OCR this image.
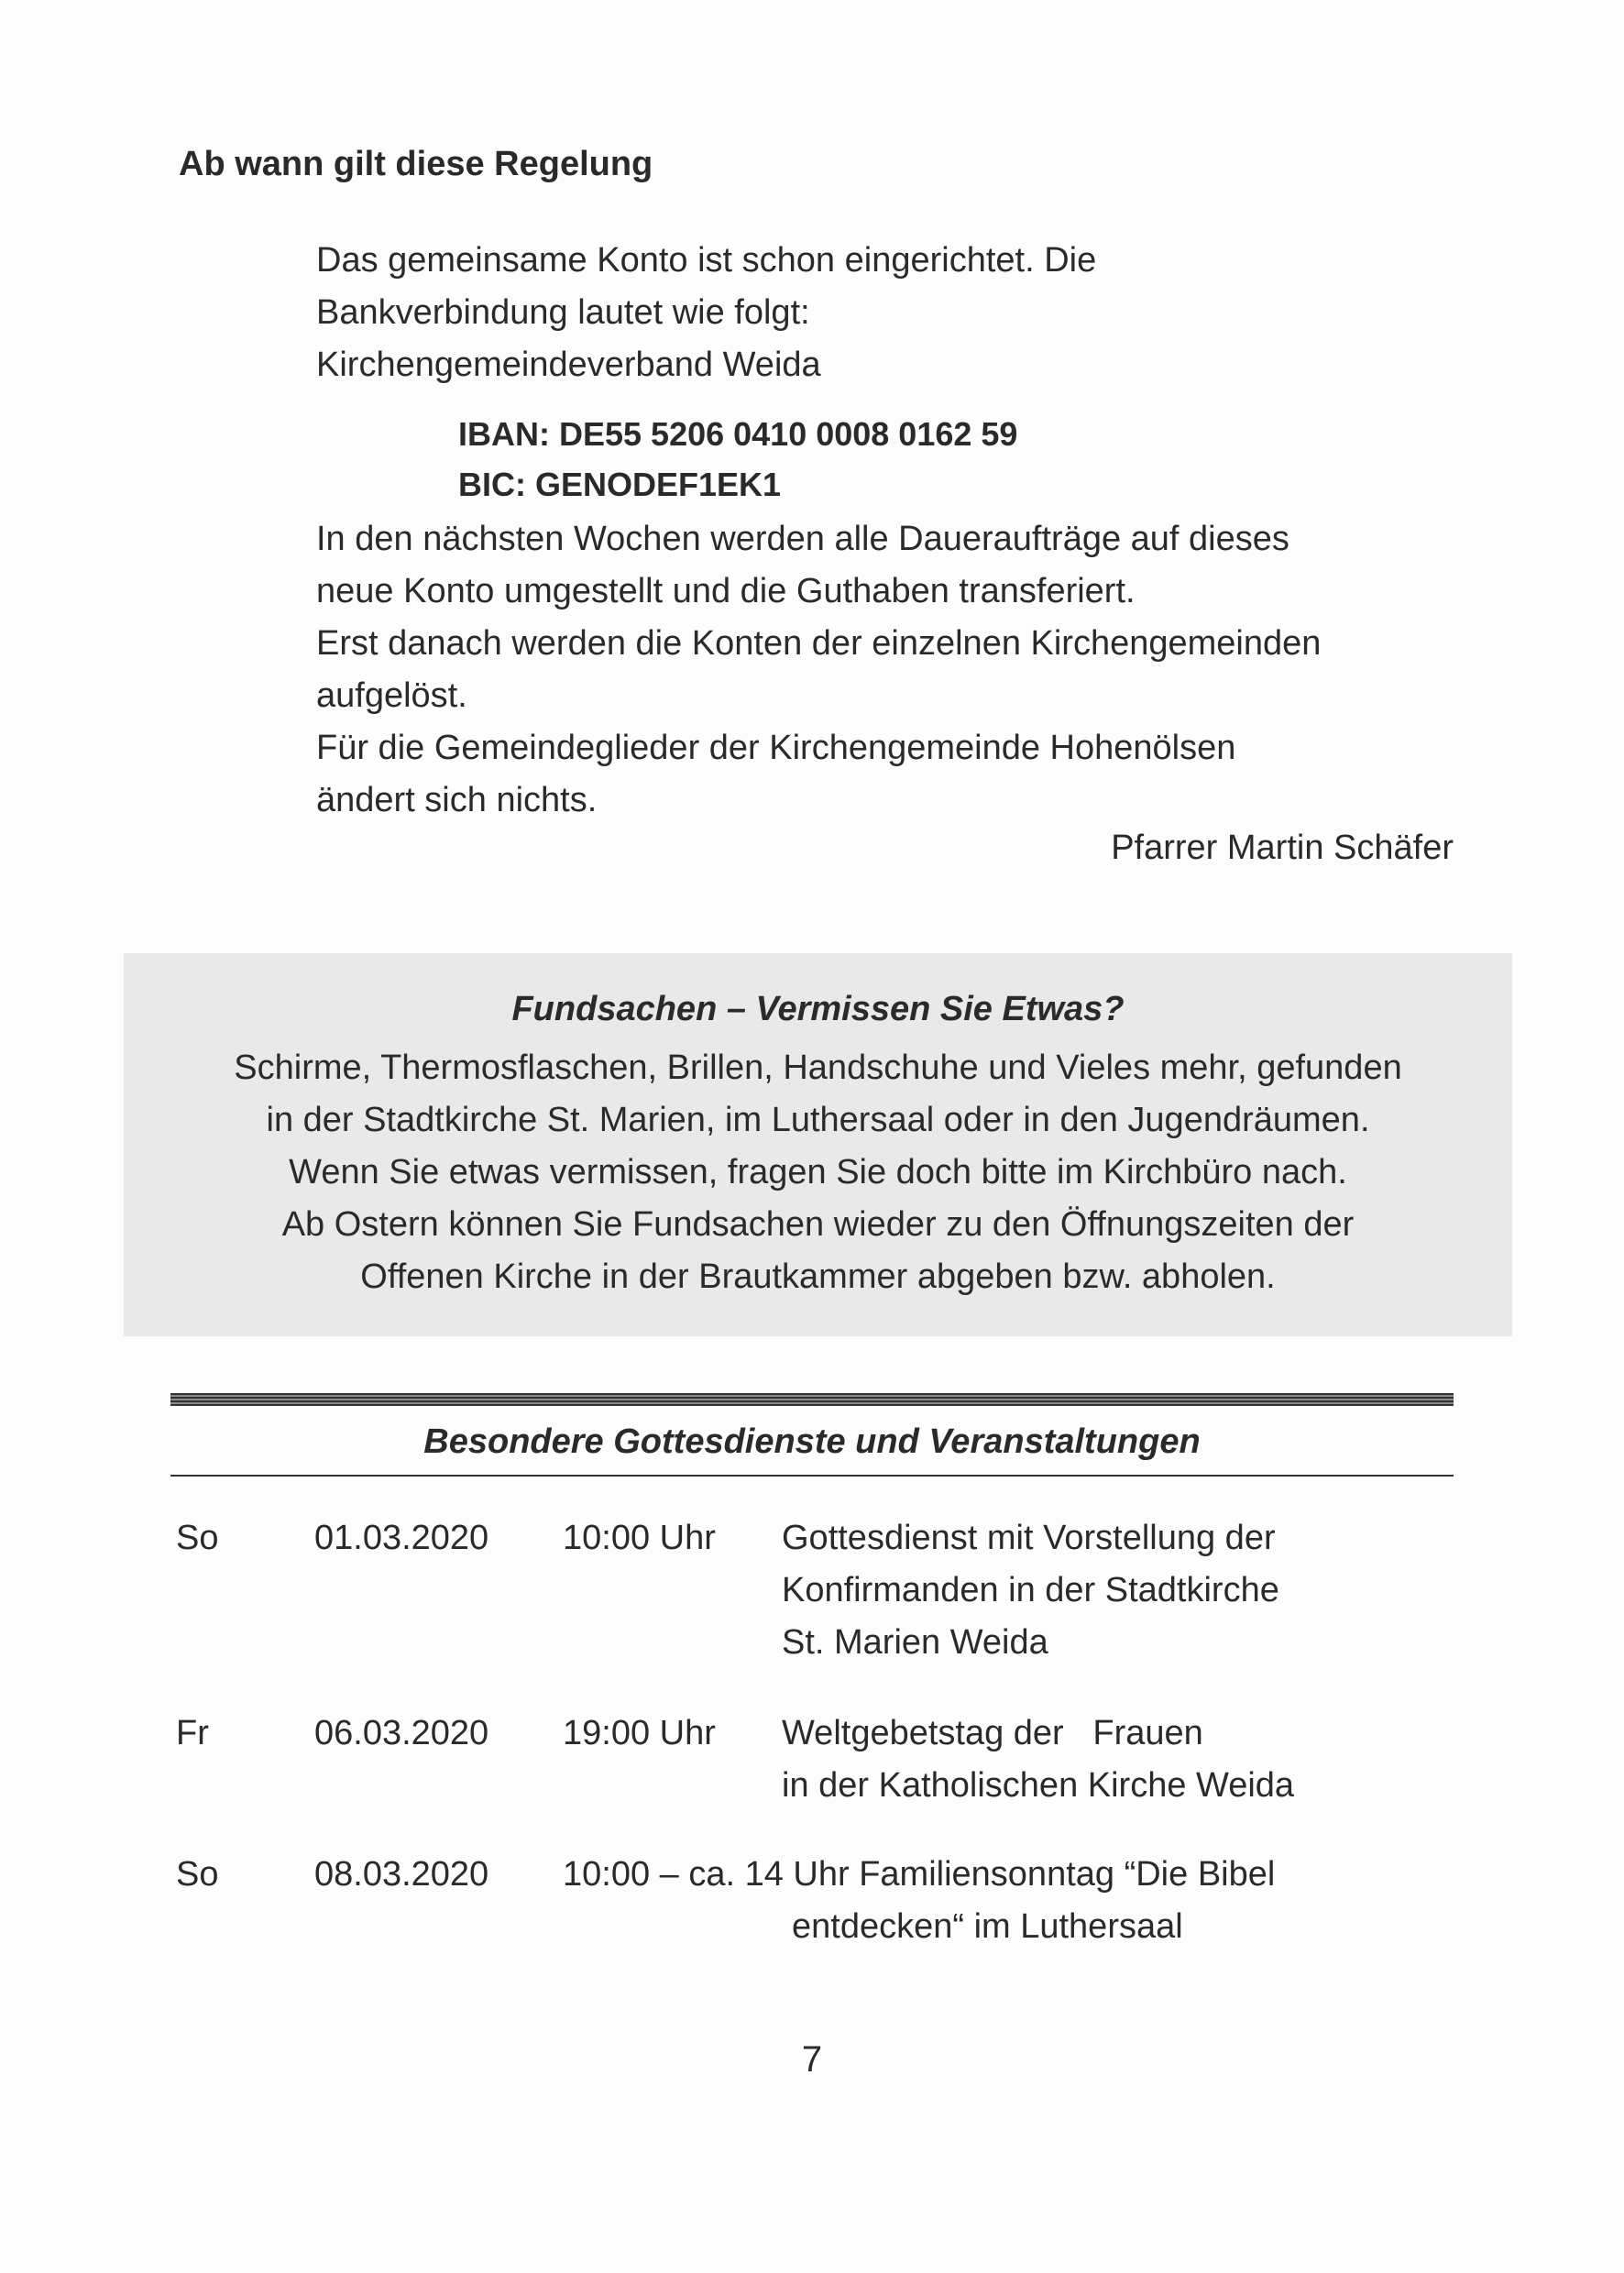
Ab wann gilt diese Regelung
Das gemeinsame Konto ist schon eingerichtet. Die
Bankverbindung lautet wie folgt:
Kirchengemeindeverband Weida
IBAN: DE55 5206 0410 0008 0162 59
BIC: GENODEF1EK1
In den nächsten Wochen werden alle Daueraufträge auf dieses
neue Konto umgestellt und die Guthaben transferiert.
Erst danach werden die Konten der einzelnen Kirchengemeinden
aufgelöst.
Für die Gemeindeglieder der Kirchengemeinde Hohenölsen
ändert sich nichts.
Pfarrer Martin Schäfer
Fundsachen – Vermissen Sie Etwas?
Schirme, Thermosflaschen, Brillen, Handschuhe und Vieles mehr, gefunden
in der Stadtkirche St. Marien, im Luthersaal oder in den Jugendräumen.
Wenn Sie etwas vermissen, fragen Sie doch bitte im Kirchbüro nach.
Ab Ostern können Sie Fundsachen wieder zu den Öffnungszeiten der
Offenen Kirche in der Brautkammer abgeben bzw. abholen.
Besondere Gottesdienste und Veranstaltungen
So	01.03.2020 10:00 Uhr Gottesdienst mit Vorstellung der
Konfirmanden in der Stadtkirche
St. Marien Weida
Fr	06.03.2020 19:00 Uhr Weltgebetstag der   Frauen
in der Katholischen Kirche Weida
So	08.03.2020 10:00 – ca. 14 Uhr Familiensonntag “Die Bibel
entdecken“ im Luthersaal
7
